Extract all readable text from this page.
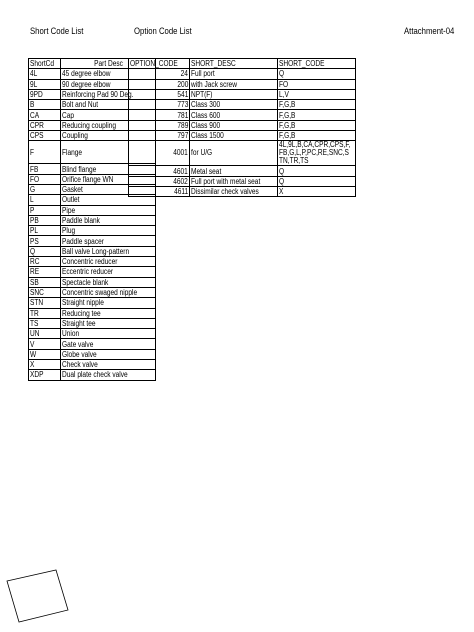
Short Code List	Option Code List	Attachment-04
ShortCd	Part Desc
4L	45 degree elbow
9L	90 degree elbow
9PD	Reinforcing Pad 90 Deg.
B	Bolt and Nut
CA	Cap
CPR	Reducing coupling
CPS	Coupling
F	Flange
FB	Blind flange
FO	Orifice flange WN
G	Gasket
L	Outlet
P	Pipe
PB	Paddle blank
PL	Plug
PS	Paddle spacer
Q	Ball valve Long-pattern
RC	Concentric reducer
RE	Eccentric reducer
SB	Spectacle blank
SNC	Concentric swaged nipple
STN	Straight nipple
TR	Reducing tee
TS	Straight tee
UN	Union
V	Gate valve
W	Globe valve
X	Check valve
XDP	Dual plate check valve
OPTION_CODE	SHORT_DESC	SHORT_CODE
24	Full port	Q
200	with Jack screw	FO
541	NPT(F)	L,V
773	Class 300	F,G,B
781	Class 600	F,G,B
789	Class 900	F,G,B
797	Class 1500	F,G,B
4001	for U/G	4L,9L,B,CA,CPR,CPS,F,FB,G,L,P,PC,RE,SNC,STN,TR,TS

4601	Metal seat	Q
4602	Full port with metal seat	Q
4611	Dissimilar check valves	X
